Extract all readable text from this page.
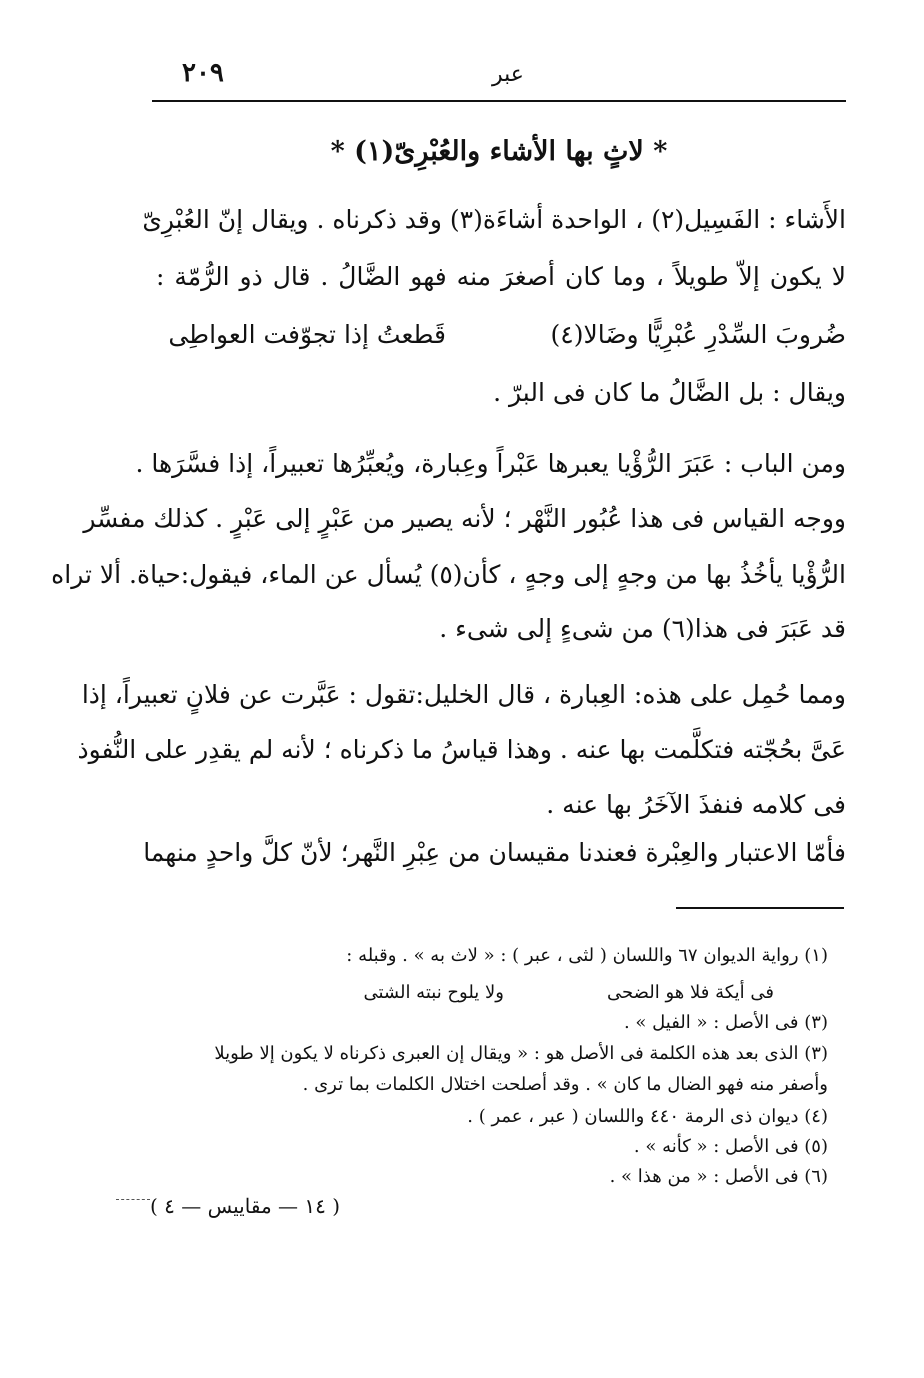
٢٠٩	عبر
* لاثٍ بها الأشاء والعُبْرِىّ(١) *
الأَشاء : الفَسِيل(٢) ، الواحدة أشاءَة(٣) وقد ذكرناه . ويقال إنّ العُبْرِىّ
لا يكون إلاّ طويلاً ، وما كان أصغرَ منه فهو الضَّالُ . قال ذو الرُّمّة :
ضُروبَ السِّدْرِ عُبْرِيًّا وضَالا(٤)
قَطعتُ إذا تجوّفت العواطِى
ويقال : بل الضَّالُ ما كان فى البرّ .
ومن الباب : عَبَرَ الرُّؤْيا يعبرها عَبْراً وعِبارة، ويُعبِّرُها تعبيراً، إذا فسَّرَها .
ووجه القياس فى هذا عُبُور النَّهْر ؛ لأنه يصير من عَبْرٍ إلى عَبْرٍ . كذلك مفسِّر
الرُّؤْيا يأخُذُ بها من وجهٍ إلى وجهٍ ، كأن(٥) يُسأل عن الماء، فيقول:حياة. ألا تراه
قد عَبَرَ فى هذا(٦) من شىءٍ إلى شىء .
ومما حُمِل على هذه: العِبارة ، قال الخليل:تقول : عَبَّرت عن فلانٍ تعبيراً، إذا
عَىَّ بحُجّته فتكلَّمت بها عنه . وهذا قياسُ ما ذكرناه ؛ لأنه لم يقدِر على النُّفوذ
فى كلامه فنفذَ الآخَرُ بها عنه .
فأمّا الاعتبار والعِبْرة فعندنا مقيسان من عِبْرِ النَّهر؛ لأنّ كلَّ واحدٍ منهما
(١) رواية الديوان ٦٧ واللسان ( لثى ، عبر ) : « لاث به » . وقبله :
فى أيكة فلا هو الضحى
ولا يلوح نبته الشتى
(٣) فى الأصل : « الفيل » .
(٣) الذى بعد هذه الكلمة فى الأصل هو : « ويقال إن العبرى ذكرناه لا يكون إلا طويلا
وأصفر منه فهو الضال ما كان » . وقد أصلحت اختلال الكلمات بما ترى .
(٤) ديوان ذى الرمة ٤٤٠ واللسان ( عبر ، عمر ) .
(٥) فى الأصل : « كأنه » .
(٦) فى الأصل : « من هذا » .
( ١٤ — مقاييس — ٤ )
